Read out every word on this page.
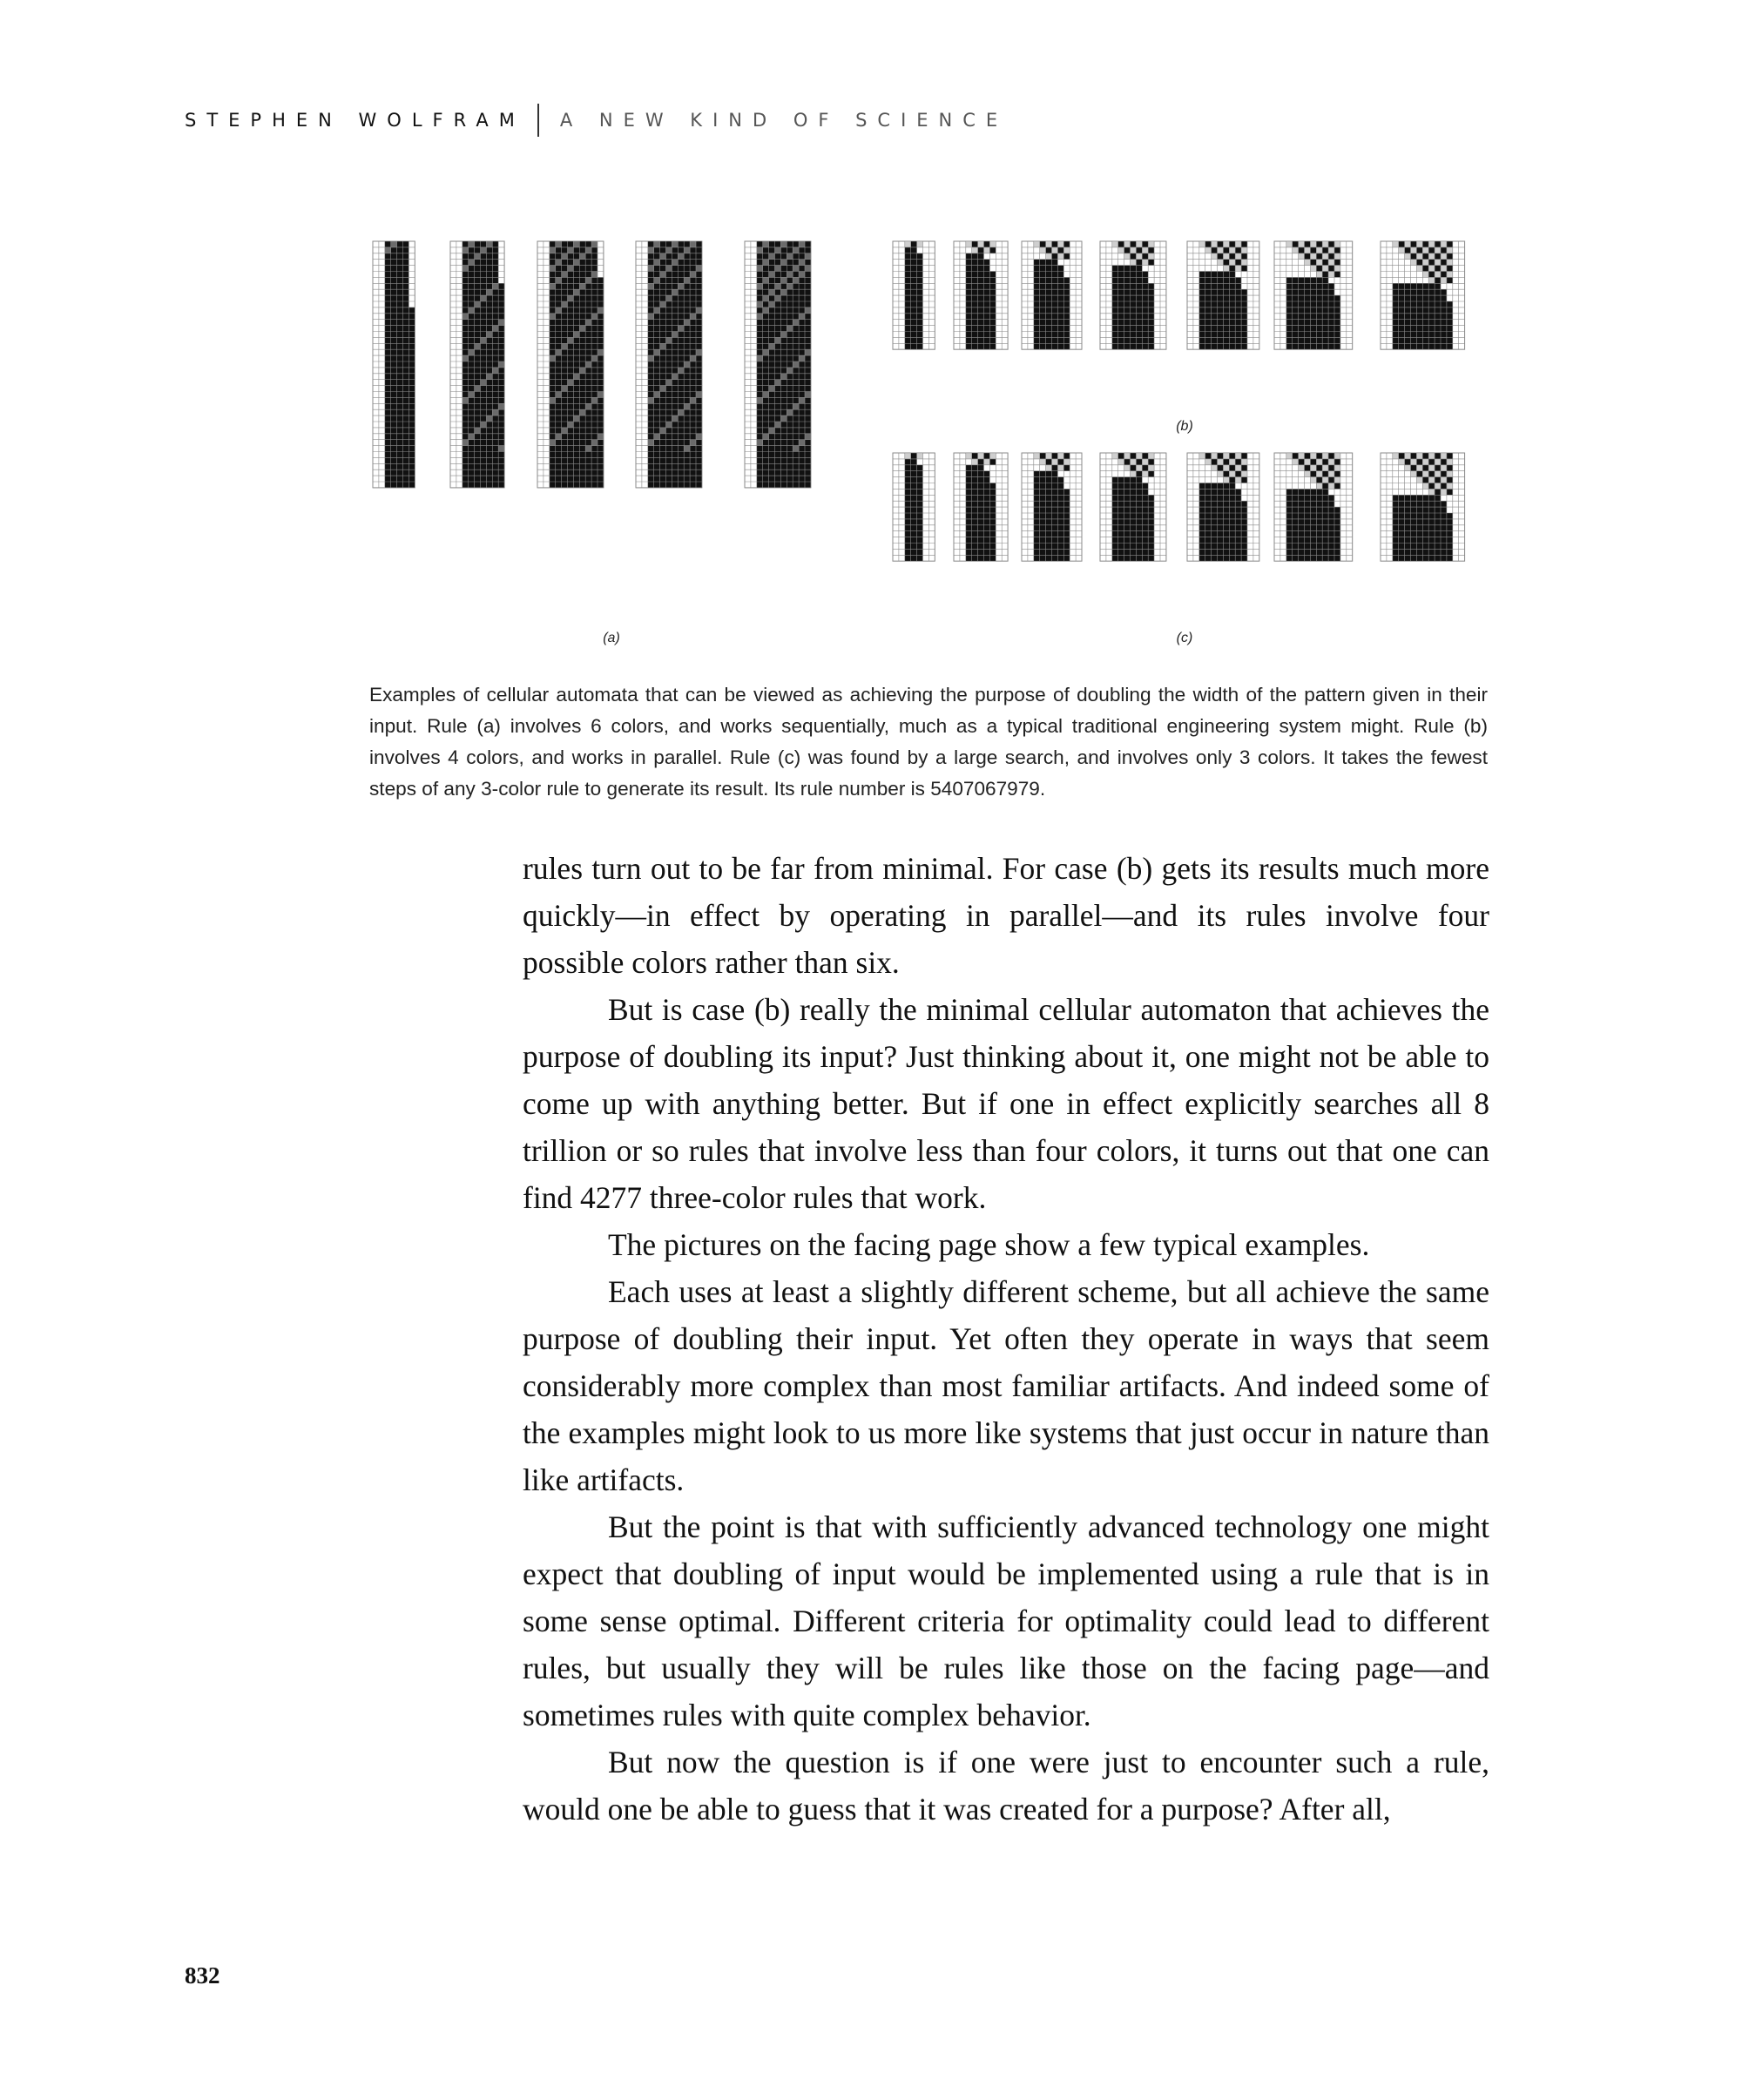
STEPHEN WOLFRAM A NEW KIND OF SCIENCE
(a)
(b)
(c)

Examples of cellular automata that can be viewed as achieving the purpose of doubling the width of the pattern given in their input. Rule (a) involves 6 colors, and works sequentially, much as a typical traditional engineering system might. Rule (b) involves 4 colors, and works in parallel. Rule (c) was found by a large search, and involves only 3 colors. It takes the fewest steps of any 3-color rule to generate its result. Its rule number is 5407067979.

rules turn out to be far from minimal. For case (b) gets its results much more quickly—in effect by operating in parallel—and its rules involve four possible colors rather than six.

But is case (b) really the minimal cellular automaton that achieves the purpose of doubling its input? Just thinking about it, one might not be able to come up with anything better. But if one in effect explicitly searches all 8 trillion or so rules that involve less than four colors, it turns out that one can find 4277 three-color rules that work.

The pictures on the facing page show a few typical examples.

Each uses at least a slightly different scheme, but all achieve the same purpose of doubling their input. Yet often they operate in ways that seem considerably more complex than most familiar artifacts. And indeed some of the examples might look to us more like systems that just occur in nature than like artifacts.

But the point is that with sufficiently advanced technology one might expect that doubling of input would be implemented using a rule that is in some sense optimal. Different criteria for optimality could lead to different rules, but usually they will be rules like those on the facing page—and sometimes rules with quite complex behavior.

But now the question is if one were just to encounter such a rule, would one be able to guess that it was created for a purpose? After all,

832
